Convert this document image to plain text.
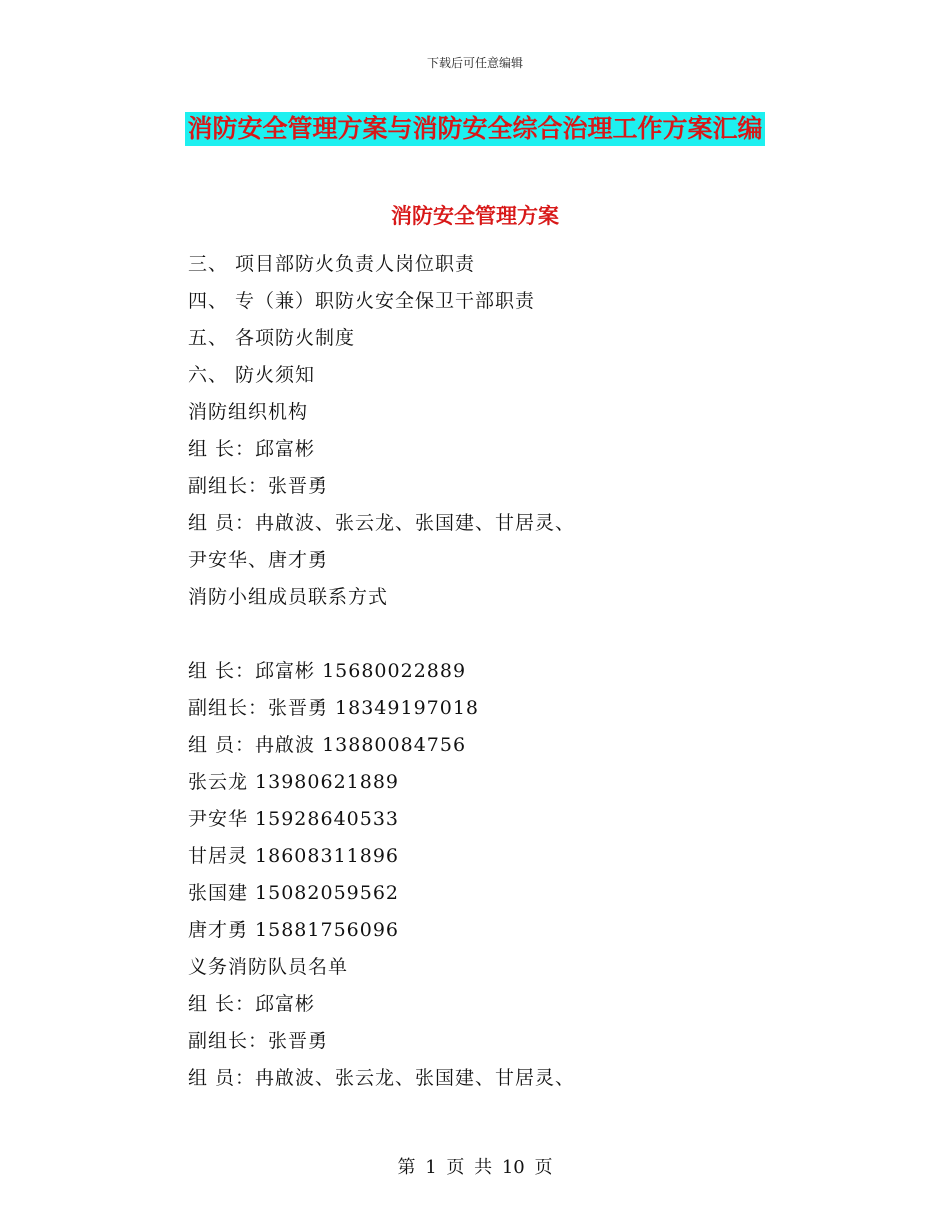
下载后可任意编辑
消防安全管理方案与消防安全综合治理工作方案汇编
消防安全管理方案
三、 项目部防火负责人岗位职责
四、 专（兼）职防火安全保卫干部职责
五、 各项防火制度
六、 防火须知
消防组织机构
组 长：邱富彬
副组长：张晋勇
组 员：冉啟波、张云龙、张国建、甘居灵、
尹安华、唐才勇
消防小组成员联系方式
组 长：邱富彬 15680022889
副组长：张晋勇 18349197018
组 员：冉啟波 13880084756
张云龙 13980621889
尹安华 15928640533
甘居灵 18608311896
张国建 15082059562
唐才勇 15881756096
义务消防队员名单
组 长：邱富彬
副组长：张晋勇
组 员：冉啟波、张云龙、张国建、甘居灵、
第 1 页 共 10 页
